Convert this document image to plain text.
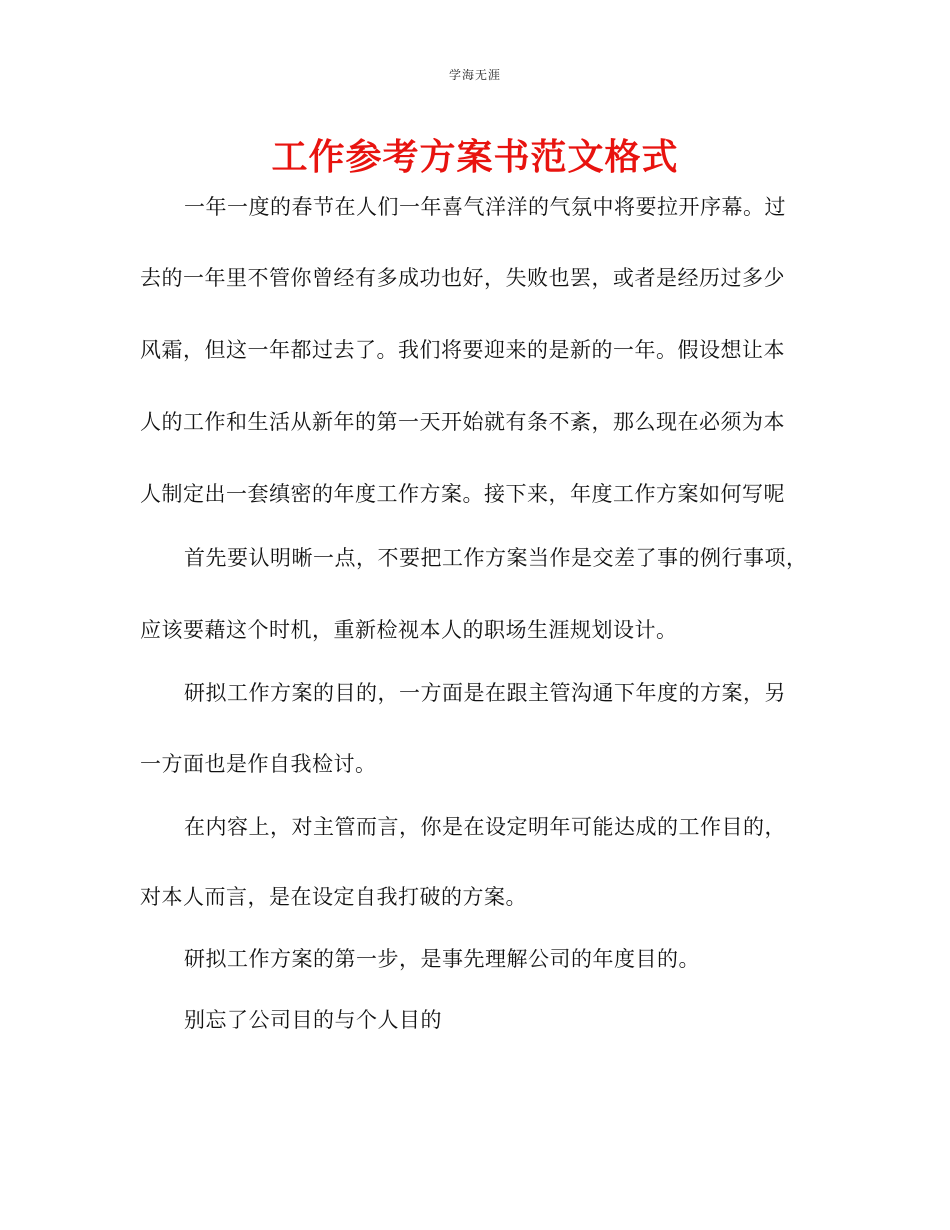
学海无涯
工作参考方案书范文格式
一年一度的春节在人们一年喜气洋洋的气氛中将要拉开序幕。过
去的一年里不管你曾经有多成功也好，失败也罢，或者是经历过多少
风霜，但这一年都过去了。我们将要迎来的是新的一年。假设想让本
人的工作和生活从新年的第一天开始就有条不紊，那么现在必须为本
人制定出一套缜密的年度工作方案。接下来，年度工作方案如何写呢
首先要认明晰一点，不要把工作方案当作是交差了事的例行事项，
应该要藉这个时机，重新检视本人的职场生涯规划设计。
研拟工作方案的目的，一方面是在跟主管沟通下年度的方案，另
一方面也是作自我检讨。
在内容上，对主管而言，你是在设定明年可能达成的工作目的，
对本人而言，是在设定自我打破的方案。
研拟工作方案的第一步，是事先理解公司的年度目的。
别忘了公司目的与个人目的
